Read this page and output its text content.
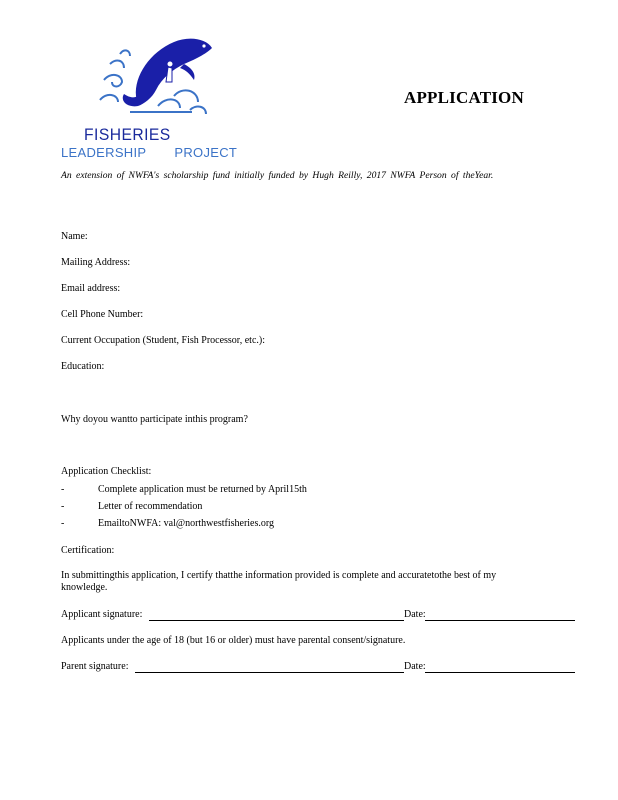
FISHERIES
LEADERSHIP PROJECT
APPLICATION
An extension of NWFA's scholarship fund initially funded by Hugh Reilly, 2017 NWFA Person of theYear.
Name:
Mailing Address:
Email address:
Cell Phone Number:
Current Occupation (Student, Fish Processor, etc.):
Education:
Why doyou wantto participate inthis program?
Application Checklist:
-	Complete application must be returned by April15th
-	Letter of recommendation
-	EmailtoNWFA: val@northwestfisheries.org
Certification:
In submittingthis application, I certify thatthe information provided is complete and accuratetothe best of my knowledge.
Applicant signature:	Date:
Applicants under the age of 18 (but 16 or older) must have parental consent/signature.
Parent signature:	Date:
